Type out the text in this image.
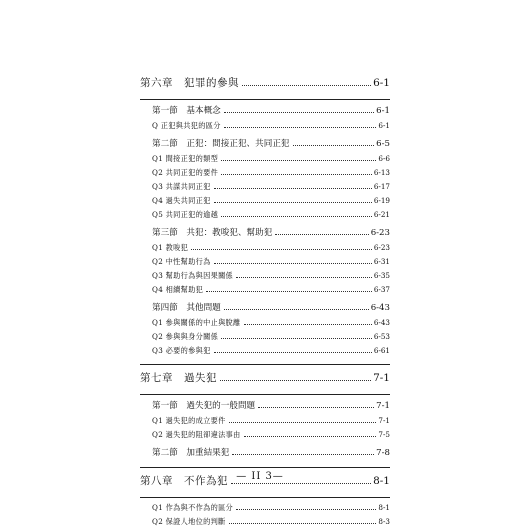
第六章　犯罪的參與	6-1
第一節　基本概念	6-1
Q 正犯與共犯的區分	6-1
第二節　正犯：間接正犯、共同正犯	6-5
Q1 間接正犯的類型	6-6
Q2 共同正犯的要件	6-13
Q3 共謀共同正犯	6-17
Q4 過失共同正犯	6-19
Q5 共同正犯的逾越	6-21
第三節　共犯：教唆犯、幫助犯	6-23
Q1 教唆犯	6-23
Q2 中性幫助行為	6-31
Q3 幫助行為與因果關係	6-35
Q4 相續幫助犯	6-37
第四節　其他問題	6-43
Q1 參與關係的中止與脫離	6-43
Q2 參與與身分關係	6-53
Q3 必要的參與犯	6-61
第七章　過失犯	7-1
第一節　過失犯的一般問題	7-1
Q1 過失犯的成立要件	7-1
Q2 過失犯的阻卻違法事由	7-5
第二節　加重結果犯	7-8
第八章　不作為犯	8-1
Q1 作為與不作為的區分	8-1
Q2 保證人地位的判斷	8-3
— II 3—
